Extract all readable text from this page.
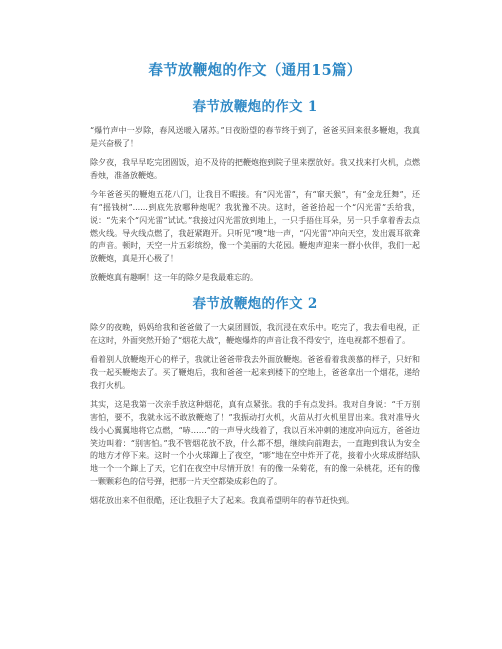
春节放鞭炮的作文（通用15篇）
春节放鞭炮的作文 1

“爆竹声中一岁除，春风送暖入屠苏。”日夜盼望的春节终于到了，爸爸买回来很多鞭炮，我真是兴奋极了！

除夕夜，我早早吃完团圆饭，迫不及待的把鞭炮抱到院子里来摆放好。我又找来打火机，点燃香烛，准备放鞭炮。

今年爸爸买的鞭炮五花八门，让我目不暇接。有“闪光雷”，有“窜天猴”，有“金龙狂舞”，还有“摇钱树”......到底先放哪种炮呢？我犹豫不决。这时，爸爸拾起一个“闪光雷”丢给我，说：“先来个“闪光雷”试试。”我接过闪光雷放到地上，一只手捂住耳朵，另一只手拿着香去点燃火线。导火线点燃了，我赶紧跑开。只听见“嗖”地一声，“闪光雷”冲向天空，发出震耳欲聋的声音。顿时，天空一片五彩缤纷，像一个美丽的大花园。鞭炮声迎来一群小伙伴，我们一起放鞭炮，真是开心极了！

放鞭炮真有趣啊！这一年的除夕是我最难忘的。

春节放鞭炮的作文 2

除夕的夜晚，妈妈给我和爸爸做了一大桌团圆饭，我沉浸在欢乐中。吃完了，我去看电视，正在这时，外面突然开始了“烟花大战”，鞭炮爆炸的声音让我不得安宁，连电视都不想看了。

看着别人放鞭炮开心的样子，我就让爸爸带我去外面放鞭炮。爸爸看着我羡慕的样子，只好和我一起买鞭炮去了。买了鞭炮后，我和爸爸一起来到楼下的空地上，爸爸拿出一个烟花，递给我打火机。

其实，这是我第一次亲手放这种烟花，真有点紧张。我的手有点发抖。我对自身说：“千万别害怕，要不，我就永远不敢放鞭炮了！”我振动打火机，火苗从打火机里冒出来。我对准导火线小心翼翼地将它点燃，“哧……”的一声导火线着了，我以百米冲刺的速度冲向远方，爸爸边笑边叫着：“别害怕。”我不管烟花放不放，什么都不想，继续向前跑去，一直跑到我认为安全的地方才停下来。这时一个小火球蹿上了夜空，“嘭”地在空中炸开了花，接着小火球成群结队地一个一个蹿上了天，它们在夜空中尽情开放！有的像一朵菊花，有的像一朵桃花，还有的像一颗颗彩色的信号弹，把那一片天空都染成彩色的了。

烟花放出来不但很酷，还让我胆子大了起来。我真希望明年的春节赶快到。
